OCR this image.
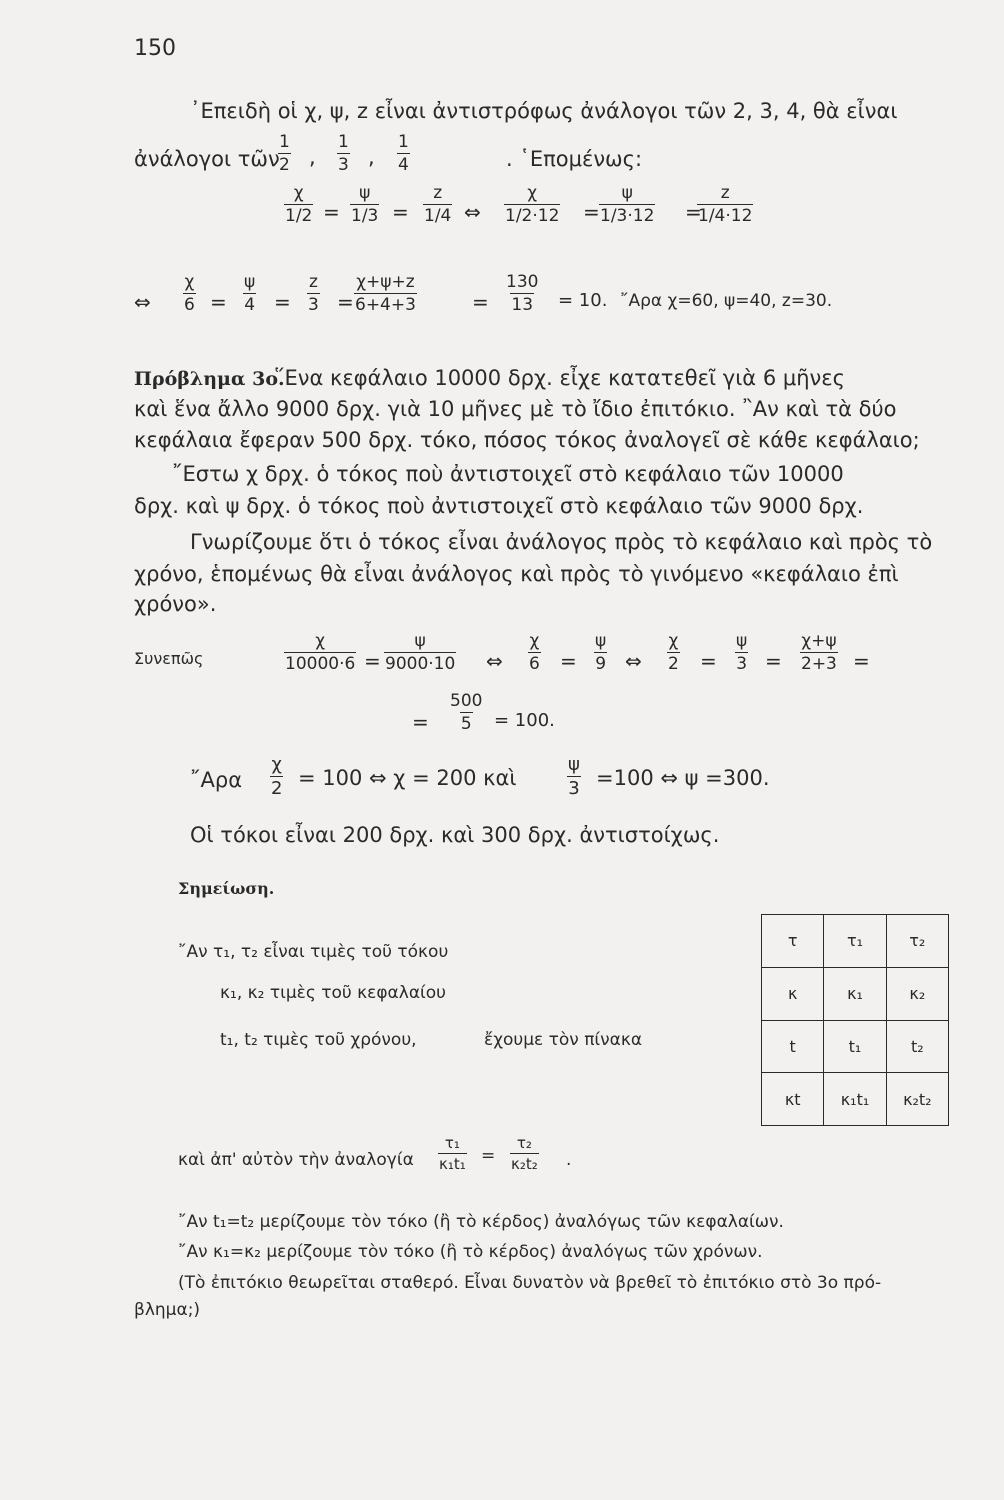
150
᾿Επειδὴ οἱ χ, ψ, z εἶναι ἀντιστρόφως ἀνάλογοι τῶν 2, 3, 4, θὰ εἶναι
ἀνάλογοι τῶν
$\frac{1}{2}$ , $\frac{1}{3}$ , $\frac{1}{4}$	. ῾Επομένως:
$\frac{\chi}{1/2} = \frac{\psi}{1/3} = \frac{z}{1/4}$ ⇔ $\frac{\chi}{1/2\cdot 12} = \frac{\psi}{1/3\cdot 12}$ =
$\frac{z}{1/4\cdot 12}$
⇔ $\frac{\chi}{6} = \frac{\psi}{4} = \frac{z}{3} = \frac{\chi+\psi+z}{6+4+3}$	= $\frac{130}{13} = 10$. ῎Αρα χ=60, ψ=40, z=30.
Πρόβλημα 3ο.
῞Ενα κεφάλαιο 10000 δρχ. εἶχε κατατεθεῖ γιὰ 6 μῆνες
καὶ ἕνα ἄλλο 9000 δρχ. γιὰ 10 μῆνες μὲ τὸ ἴδιο ἐπιτόκιο. ῍Αν καὶ τὰ δύο
κεφάλαια ἔφεραν 500 δρχ. τόκο, πόσος τόκος ἀναλογεῖ σὲ κάθε κεφάλαιο;
῎Εστω χ δρχ. ὁ τόκος ποὺ ἀντιστοιχεῖ στὸ κεφάλαιο τῶν 10000
δρχ. καὶ ψ δρχ. ὁ τόκος ποὺ ἀντιστοιχεῖ στὸ κεφάλαιο τῶν 9000 δρχ.
Γνωρίζουμε ὅτι ὁ τόκος εἶναι ἀνάλογος πρὸς τὸ κεφάλαιο καὶ πρὸς τὸ
χρόνο, ἑπομένως θὰ εἶναι ἀνάλογος καὶ πρὸς τὸ γινόμενο «κεφάλαιο ἐπὶ
χρόνο».
Συνεπῶς	$\frac{\chi}{10000\cdot 6} = \frac{\psi}{9000\cdot 10}$ ⇔ $\frac{\chi}{6} = \frac{\psi}{9}$ ⇔ $\frac{\chi}{2} = \frac{\psi}{3} = \frac{\chi+\psi}{2+3}$ =
= $\frac{500}{5} = 100$.
῎Αρα $\frac{\chi}{2} = 100$ ⇔ χ = 200 καὶ	$\frac{\psi}{3} =100$ ⇔ ψ =300.
Οἱ τόκοι εἶναι 200 δρχ. καὶ 300 δρχ. ἀντιστοίχως.
Σημείωση.
῎Αν τ₁, τ₂ εἶναι τιμὲς τοῦ τόκου
κ₁, κ₂ τιμὲς τοῦ κεφαλαίου
t₁, t₂ τιμὲς τοῦ χρόνου,	ἔχουμε τὸν πίνακα
τ	τ₁	τ₂
κ	κ₁	κ₂
t	t₁	t₂
κt	κ₁t₁	κ₂t₂
καὶ ἀπ' αὐτὸν τὴν ἀναλογία $\frac{\text{τ₁}}{\text{κ₁t₁}} = \frac{\text{τ₂}}{\text{κ₂t₂}}$ .
῎Αν t₁=t₂ μερίζουμε τὸν τόκο (ἢ τὸ κέρδος) ἀναλόγως τῶν κεφαλαίων.
῎Αν κ₁=κ₂ μερίζουμε τὸν τόκο (ἢ τὸ κέρδος) ἀναλόγως τῶν χρόνων.
(Τὸ ἐπιτόκιο θεωρεῖται σταθερό. Εἶναι δυνατὸν νὰ βρεθεῖ τὸ ἐπιτόκιο στὸ 3ο πρό-
βλημα;)
